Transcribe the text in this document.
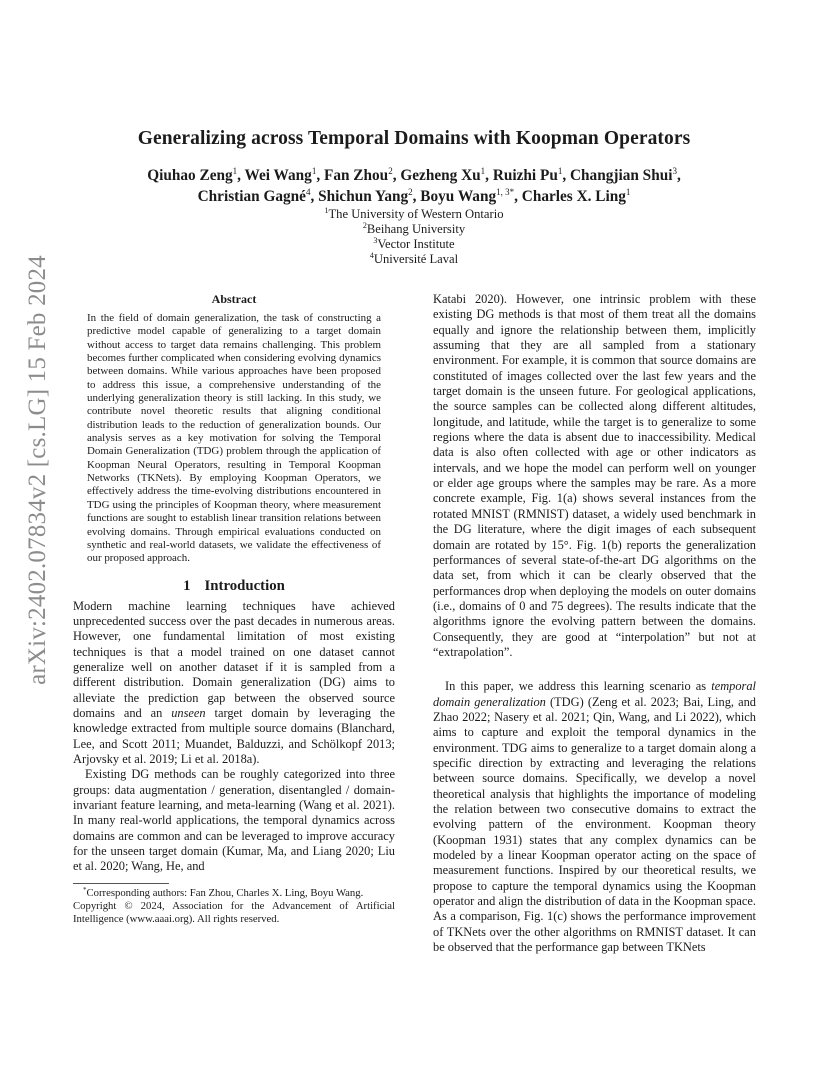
arXiv:2402.07834v2 [cs.LG] 15 Feb 2024
Generalizing across Temporal Domains with Koopman Operators
Qiuhao Zeng$^1$, Wei Wang$^1$, Fan Zhou$^2$, Gezheng Xu$^1$, Ruizhi Pu$^1$, Changjian Shui$^3$,
Christian Gagné$^4$, Shichun Yang$^2$, Boyu Wang$^{1, 3*}$, Charles X. Ling$^1$
$^1$The University of Western Ontario
$^2$Beihang University
$^3$Vector Institute
$^4$Université Laval
Abstract
In the field of domain generalization, the task of constructing a predictive model capable of generalizing to a target domain without access to target data remains challenging. This problem becomes further complicated when considering evolving dynamics between domains. While various approaches have been proposed to address this issue, a comprehensive understanding of the underlying generalization theory is still lacking. In this study, we contribute novel theoretic results that aligning conditional distribution leads to the reduction of generalization bounds. Our analysis serves as a key motivation for solving the Temporal Domain Generalization (TDG) problem through the application of Koopman Neural Operators, resulting in Temporal Koopman Networks (TKNets). By employing Koopman Operators, we effectively address the time-evolving distributions encountered in TDG using the principles of Koopman theory, where measurement functions are sought to establish linear transition relations between evolving domains. Through empirical evaluations conducted on synthetic and real-world datasets, we validate the effectiveness of our proposed approach.
1 Introduction

Modern machine learning techniques have achieved unprecedented success over the past decades in numerous areas. However, one fundamental limitation of most existing techniques is that a model trained on one dataset cannot generalize well on another dataset if it is sampled from a different distribution. Domain generalization (DG) aims to alleviate the prediction gap between the observed source domains and an unseen target domain by leveraging the knowledge extracted from multiple source domains (Blanchard, Lee, and Scott 2011; Muandet, Balduzzi, and Schölkopf 2013; Arjovsky et al. 2019; Li et al. 2018a).

Existing DG methods can be roughly categorized into three groups: data augmentation / generation, disentangled / domain-invariant feature learning, and meta-learning (Wang et al. 2021). In many real-world applications, the temporal dynamics across domains are common and can be leveraged to improve accuracy for the unseen target domain (Kumar, Ma, and Liang 2020; Liu et al. 2020; Wang, He, and

*Corresponding authors: Fan Zhou, Charles X. Ling, Boyu Wang.

Copyright © 2024, Association for the Advancement of Artificial Intelligence (www.aaai.org). All rights reserved.

Katabi 2020). However, one intrinsic problem with these existing DG methods is that most of them treat all the domains equally and ignore the relationship between them, implicitly assuming that they are all sampled from a stationary environment. For example, it is common that source domains are constituted of images collected over the last few years and the target domain is the unseen future. For geological applications, the source samples can be collected along different altitudes, longitude, and latitude, while the target is to generalize to some regions where the data is absent due to inaccessibility. Medical data is also often collected with age or other indicators as intervals, and we hope the model can perform well on younger or elder age groups where the samples may be rare. As a more concrete example, Fig. 1(a) shows several instances from the rotated MNIST (RMNIST) dataset, a widely used benchmark in the DG literature, where the digit images of each subsequent domain are rotated by 15°. Fig. 1(b) reports the generalization performances of several state-of-the-art DG algorithms on the data set, from which it can be clearly observed that the performances drop when deploying the models on outer domains (i.e., domains of 0 and 75 degrees). The results indicate that the algorithms ignore the evolving pattern between the domains. Consequently, they are good at “interpolation” but not at “extrapolation”.

In this paper, we address this learning scenario as temporal domain generalization (TDG) (Zeng et al. 2023; Bai, Ling, and Zhao 2022; Nasery et al. 2021; Qin, Wang, and Li 2022), which aims to capture and exploit the temporal dynamics in the environment. TDG aims to generalize to a target domain along a specific direction by extracting and leveraging the relations between source domains. Specifically, we develop a novel theoretical analysis that highlights the importance of modeling the relation between two consecutive domains to extract the evolving pattern of the environment. Koopman theory (Koopman 1931) states that any complex dynamics can be modeled by a linear Koopman operator acting on the space of measurement functions. Inspired by our theoretical results, we propose to capture the temporal dynamics using the Koopman operator and align the distribution of data in the Koopman space. As a comparison, Fig. 1(c) shows the performance improvement of TKNets over the other algorithms on RMNIST dataset. It can be observed that the performance gap between TKNets
